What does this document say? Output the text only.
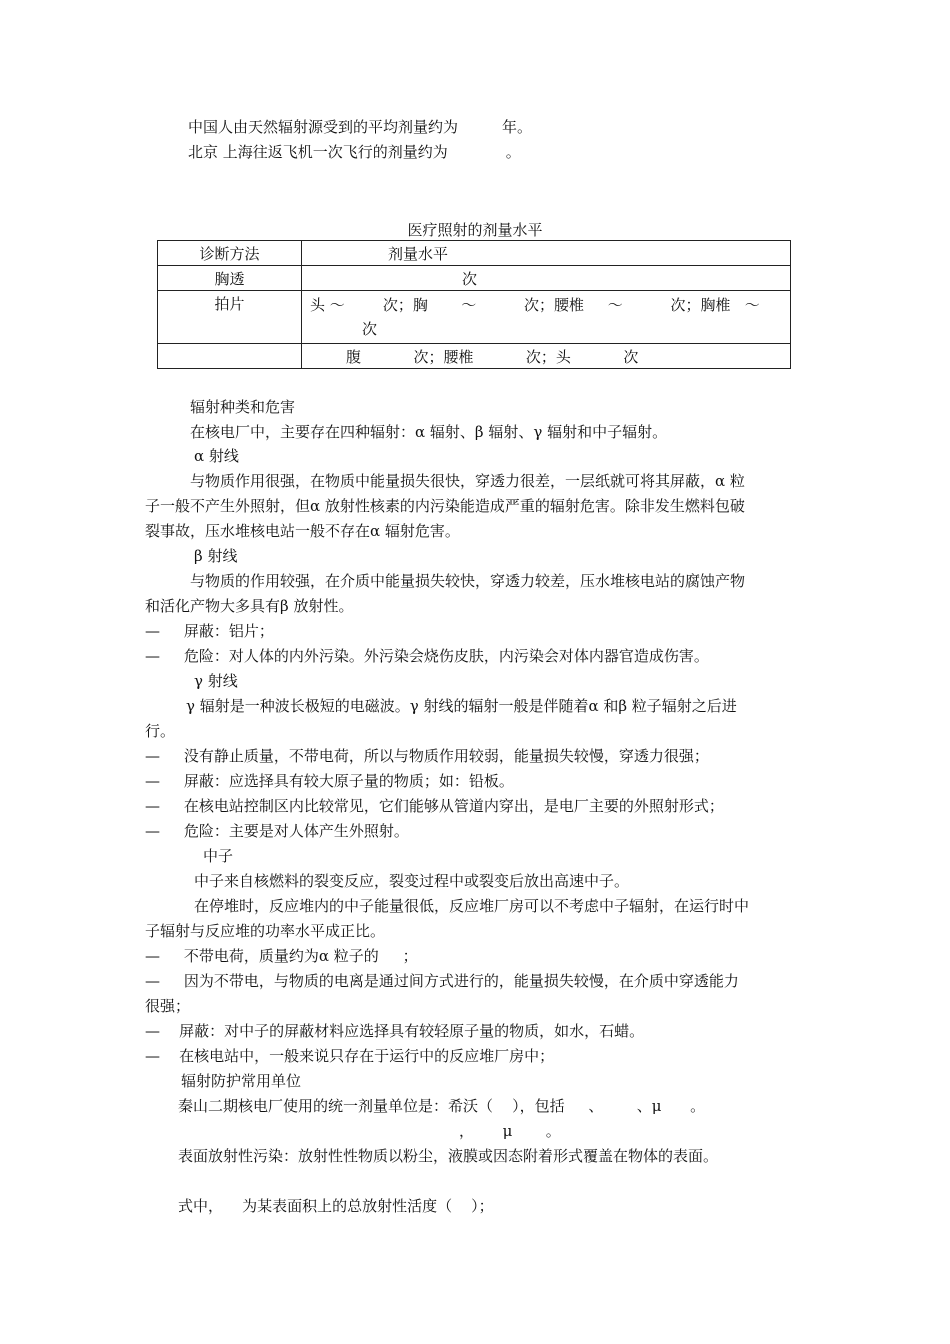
中国人由天然辐射源受到的平均剂量约为	年。
北京 上海往返飞机一次飞行的剂量约为	。
医疗照射的剂量水平
诊断方法	剂量水平
胸透	次
拍片	头 ～        次；胸       ～          次；腰椎     ～          次；胸椎   ～
次
	腹           次；腰椎           次；头           次
辐射种类和危害
在核电厂中，主要存在四种辐射：α 辐射、β 辐射、γ 辐射和中子辐射。
α 射线
与物质作用很强，在物质中能量损失很快，穿透力很差，一层纸就可将其屏蔽，α 粒
子一般不产生外照射，但α 放射性核素的内污染能造成严重的辐射危害。除非发生燃料包破
裂事故，压水堆核电站一般不存在α 辐射危害。
β 射线
与物质的作用较强，在介质中能量损失较快，穿透力较差，压水堆核电站的腐蚀产物
和活化产物大多具有β 放射性。
—     屏蔽：铝片；
—     危险：对人体的内外污染。外污染会烧伤皮肤，内污染会对体内器官造成伤害。
γ 射线
γ 辐射是一种波长极短的电磁波。γ 射线的辐射一般是伴随着α 和β 粒子辐射之后进
行。
—     没有静止质量，不带电荷，所以与物质作用较弱，能量损失较慢，穿透力很强；
—     屏蔽：应选择具有较大原子量的物质；如：铅板。
—     在核电站控制区内比较常见，它们能够从管道内穿出，是电厂主要的外照射形式；
—     危险：主要是对人体产生外照射。
中子
中子来自核燃料的裂变反应，裂变过程中或裂变后放出高速中子。
在停堆时，反应堆内的中子能量很低，反应堆厂房可以不考虑中子辐射，在运行时中
子辐射与反应堆的功率水平成正比。
—     不带电荷，质量约为α 粒子的     ；
—     因为不带电，与物质的电离是通过间方式进行的，能量损失较慢，在介质中穿透能力
很强；
—    屏蔽：对中子的屏蔽材料应选择具有较轻原子量的物质，如水，石蜡。
—    在核电站中，一般来说只存在于运行中的反应堆厂房中；
辐射防护常用单位
秦山二期核电厂使用的统一剂量单位是：希沃（    ），包括     、       、μ      。
，      μ       。
表面放射性污染：放射性性物质以粉尘，液膜或因态附着形式覆盖在物体的表面。
式中，    为某表面积上的总放射性活度（    ）；
